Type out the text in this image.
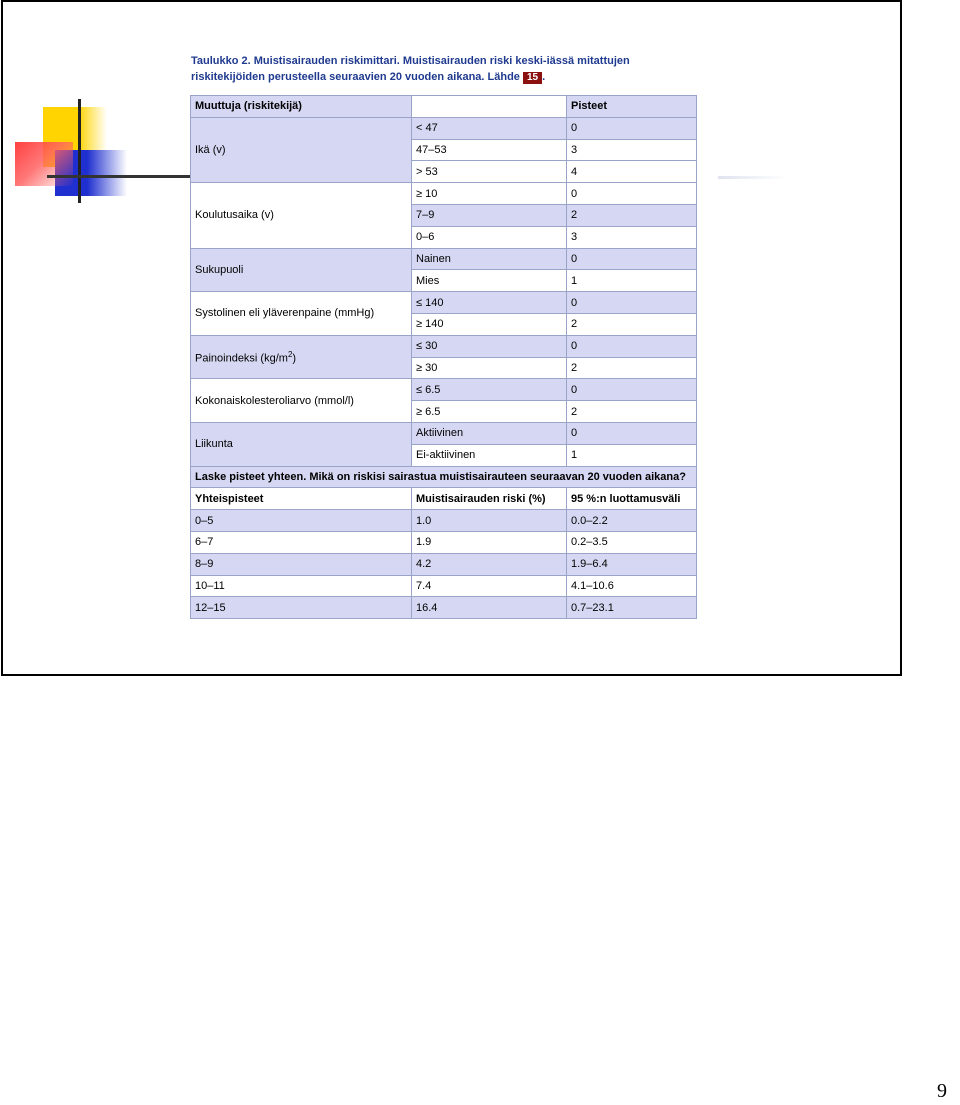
Taulukko 2. Muistisairauden riskimittari. Muistisairauden riski keski-iässä mitattujen
riskitekijöiden perusteella seuraavien 20 vuoden aikana. Lähde 15 .
Muuttuja (riskitekijä)		Pisteet
Ikä (v)	< 47	0
	47–53	3
	> 53	4
Koulutusaika (v)	≥ 10	0
	7–9	2
	0–6	3
Sukupuoli	Nainen	0
	Mies	1
Systolinen eli yläverenpaine (mmHg)	≤ 140	0
	≥ 140	2
Painoindeksi $(kg/m^2)$	≤ 30	0
	≥ 30	2
Kokonaiskolesteroliarvo (mmol/l)	≤ 6.5	0
	≥ 6.5	2
Liikunta	Aktiivinen	0
	Ei-aktiivinen	1
Laske pisteet yhteen. Mikä on riskisi sairastua muistisairauteen seuraavan 20 vuoden aikana?		
Yhteispisteet	Muistisairauden riski (%)	95 %:n luottamusväli
0–5	1.0	0.0–2.2
6–7	1.9	0.2–3.5
8–9	4.2	1.9–6.4
10–11	7.4	4.1–10.6
12–15	16.4	0.7–23.1
9
